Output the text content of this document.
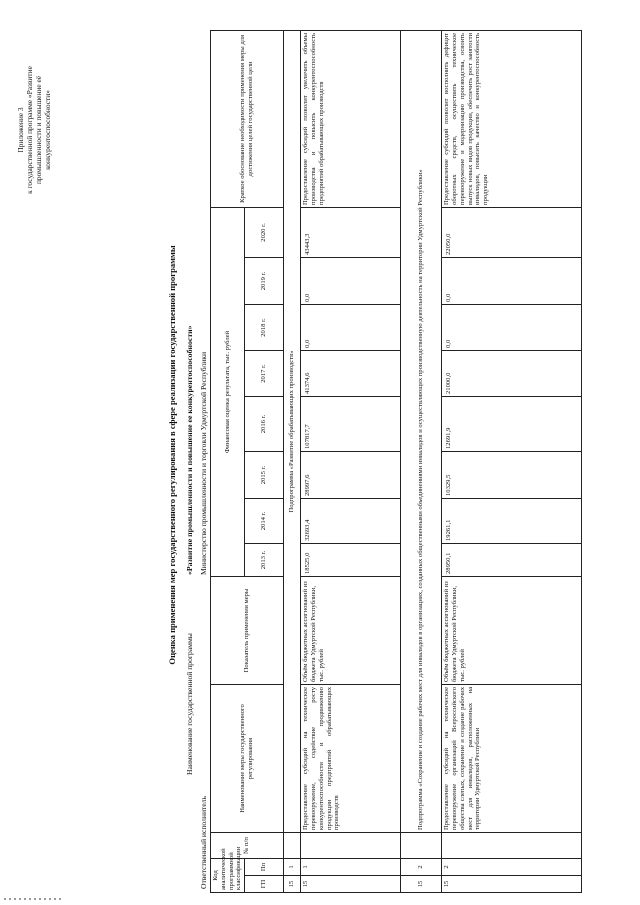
Приложение 3 к государственной программе «Развитие промышленности и повышение её конкурентоспособности»
Оценка применения мер государственного регулирования в сфере реализации государственной программы
Наименование государственной программы
«Развитие промышленности и повышение ее конкурентоспособности»
Ответственный исполнитель
Министерство промышленности и торговли Удмуртской Республики
Код аналитической программной классификации		№ п/п	Наименование меры государственного регулирования	Показатель применения меры	Финансовая оценка результата, тыс. рублей								Краткое обоснование необходимости применения меры для достижения целей государственной цели
ГП	Пп				2013 г.	2014 г.	2015 г.	2016 г.	2017 г.	2018 г.	2019 г.	2020 г.	

15	1		Подпрограмма «Развитие обрабатывающих производств»										
15	1		Предоставление субсидий на техническое перевооружение, содействие росту конкурентоспособности и продвижению продукции предприятий обрабатывающих производств	Объём бюджетных ассигнований из бюджета Удмуртской Республики, тыс. рублей	18525,0	32693,4	28997,6	107817,7	41374,6	0,0	0,0	43443,3	Предоставление субсидий позволит увеличить объемы производства и повысить конкурентоспособность предприятий обрабатывающих производств
15	2		Подпрограмма «Сохранение и создание рабочих мест для инвалидов в организациях, созданных общественными объединениями инвалидов и осуществляющих производственную деятельность на территории Удмуртской Республики»										
15	2		Предоставление субсидий на техническое перевооружение организаций Всероссийского общества слепых, сохранение и создание рабочих мест для инвалидов, расположенных на территории Удмуртской Республики	Объём бюджетных ассигнований из бюджета Удмуртской Республики, тыс. рублей	28950,1	19261,1	10329,5	12691,9	21000,0	0,0	0,0	22050,0	Предоставление субсидий позволит восполнить дефицит оборотных средств, осуществить техническое перевооружение и модернизацию производства, освоить выпуск новых видов продукции, обеспечить рост занятости инвалидов, повысить качество и конкурентоспособность продукции
